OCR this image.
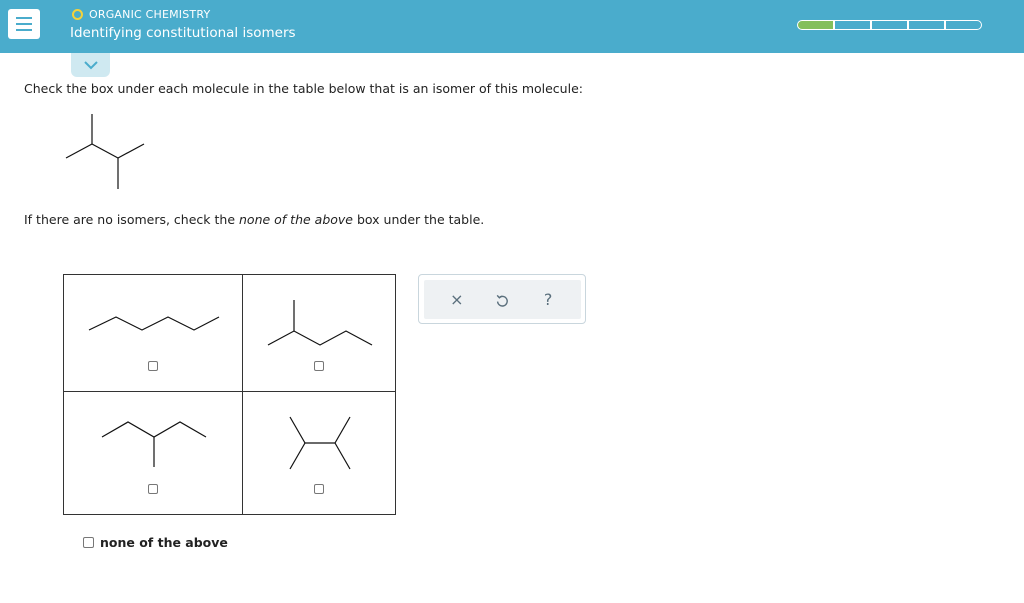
ORGANIC CHEMISTRY
Identifying constitutional isomers
Check the box under each molecule in the table below that is an isomer of this molecule:
If there are no isomers, check the none of the above box under the table.
×	?
none of the above
